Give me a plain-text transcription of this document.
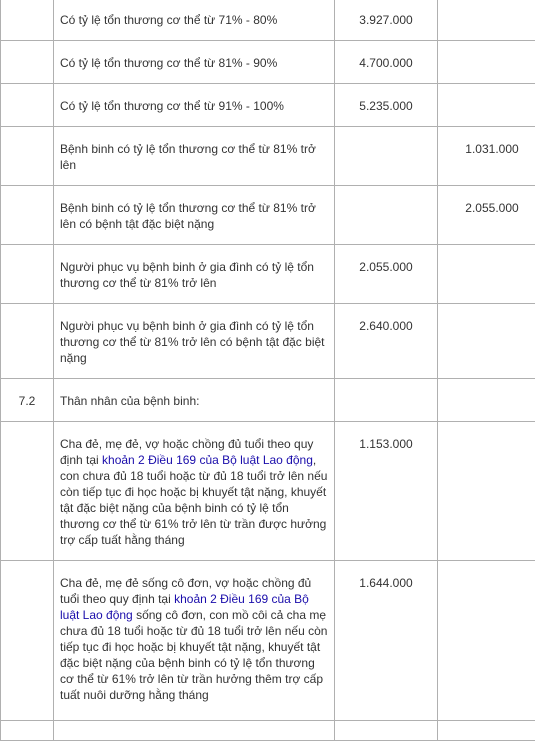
	Có tỷ lệ tổn thương cơ thể từ 71% - 80%	3.927.000	

	Có tỷ lệ tổn thương cơ thể từ 81% - 90%	4.700.000	

	Có tỷ lệ tổn thương cơ thể từ 91% - 100%	5.235.000	

	Bệnh binh có tỷ lệ tổn thương cơ thể từ 81% trở lên		1.031.000

	Bệnh binh có tỷ lệ tổn thương cơ thể từ 81% trở lên có bệnh tật đặc biệt nặng		2.055.000

	Người phục vụ bệnh binh ở gia đình có tỷ lệ tổn thương cơ thể từ 81% trở lên	2.055.000	

	Người phục vụ bệnh binh ở gia đình có tỷ lệ tổn thương cơ thể từ 81% trở lên có bệnh tật đặc biệt nặng	2.640.000	

7.2	Thân nhân của bệnh binh:		

	Cha đẻ, mẹ đẻ, vợ hoặc chồng đủ tuổi theo quy định tại khoản 2 Điều 169 của Bộ luật Lao động, con chưa đủ 18 tuổi hoặc từ đủ 18 tuổi trở lên nếu còn tiếp tục đi học hoặc bị khuyết tật nặng, khuyết tật đặc biệt nặng của bệnh binh có tỷ lệ tổn thương cơ thể từ 61% trở lên từ trần được hưởng trợ cấp tuất hằng tháng	1.153.000	

	Cha đẻ, mẹ đẻ sống cô đơn, vợ hoặc chồng đủ tuổi theo quy định tại khoản 2 Điều 169 của Bộ luật Lao động sống cô đơn, con mồ côi cả cha mẹ chưa đủ 18 tuổi hoặc từ đủ 18 tuổi trở lên nếu còn tiếp tục đi học hoặc bị khuyết tật nặng, khuyết tật đặc biệt nặng của bệnh binh có tỷ lệ tổn thương cơ thể từ 61% trở lên từ trần hưởng thêm trợ cấp tuất nuôi dưỡng hằng tháng	1.644.000	
